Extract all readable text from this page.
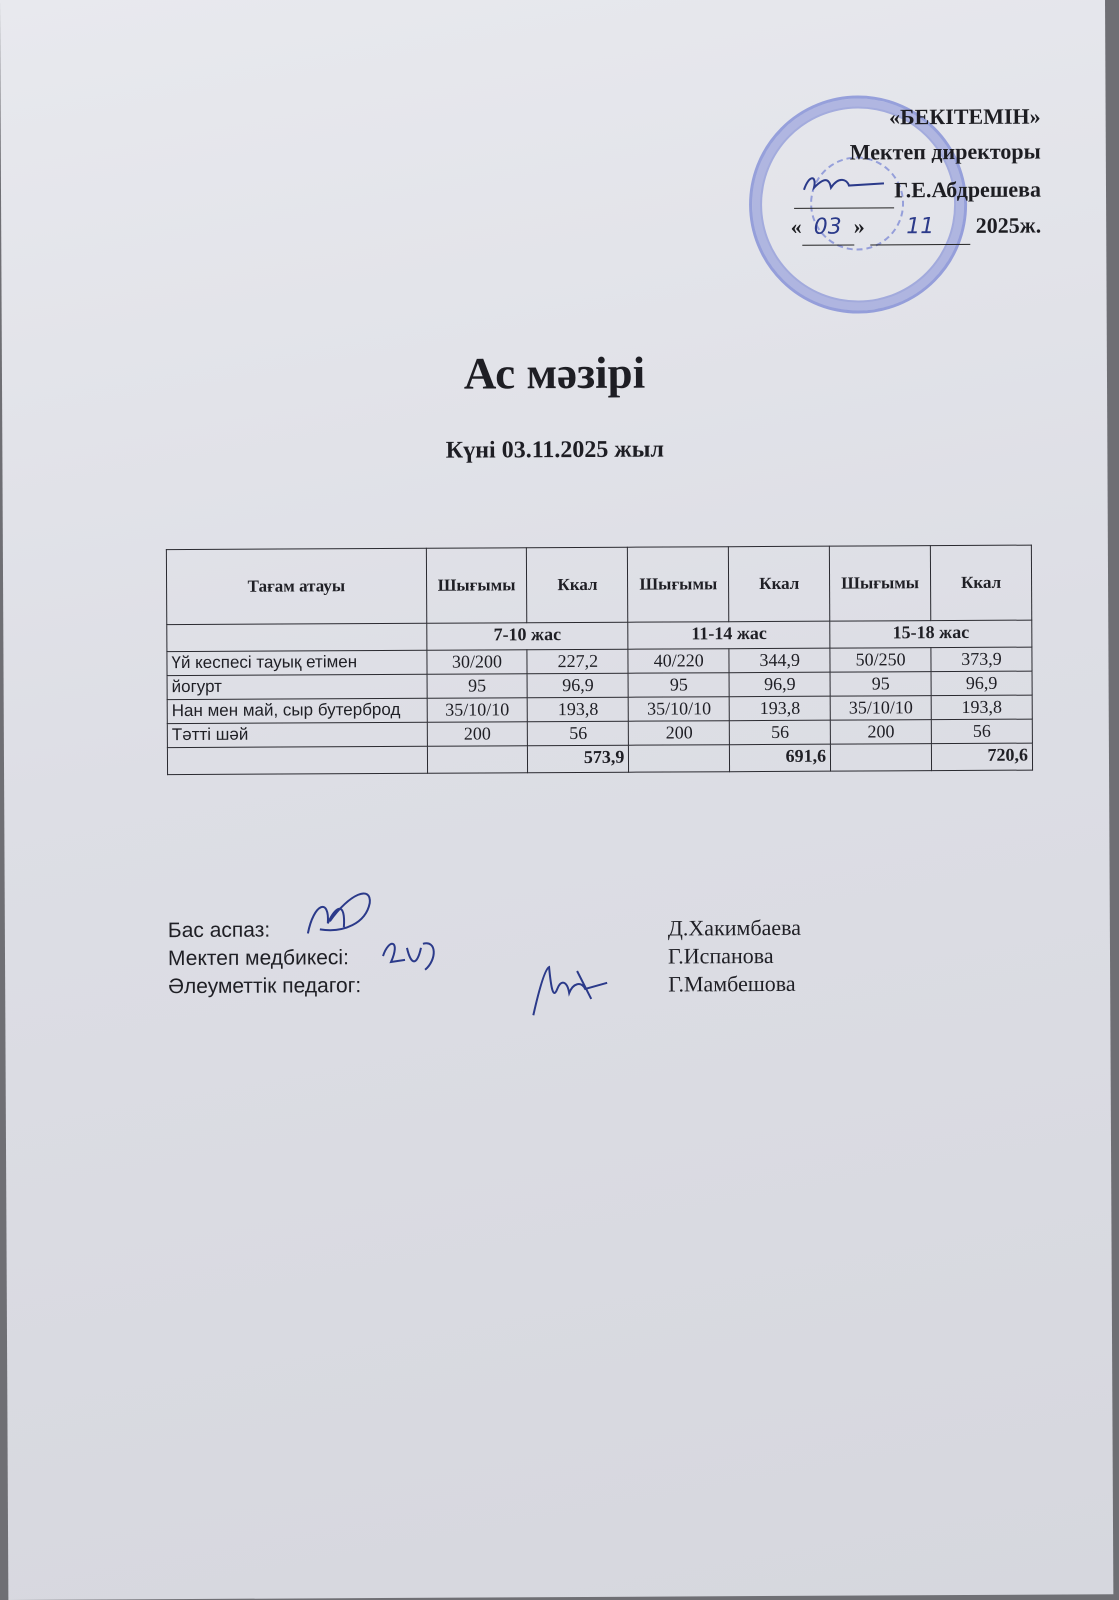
«БЕКІТЕМІН»
Мектеп директоры
Г.Е.Абдрешева
« 03 » 11 2025ж.
Ас мәзірі
Күні 03.11.2025 жыл
Тағам атауы	Шығымы	Ккал	Шығымы	Ккал	Шығымы	Ккал
	7-10 жас		11-14 жас		15-18 жас	
Үй кеспесі тауық етімен	30/200	227,2	40/220	344,9	50/250	373,9
йогурт	95	96,9	95	96,9	95	96,9
Нан мен май, сыр бутерброд	35/10/10	193,8	35/10/10	193,8	35/10/10	193,8
Тәтті шәй	200	56	200	56	200	56
		573,9		691,6		720,6
Бас аспаз:	Д.Хакимбаева
Мектеп медбикесі:	Г.Испанова
Әлеуметтік педагог:	Г.Мамбешова
